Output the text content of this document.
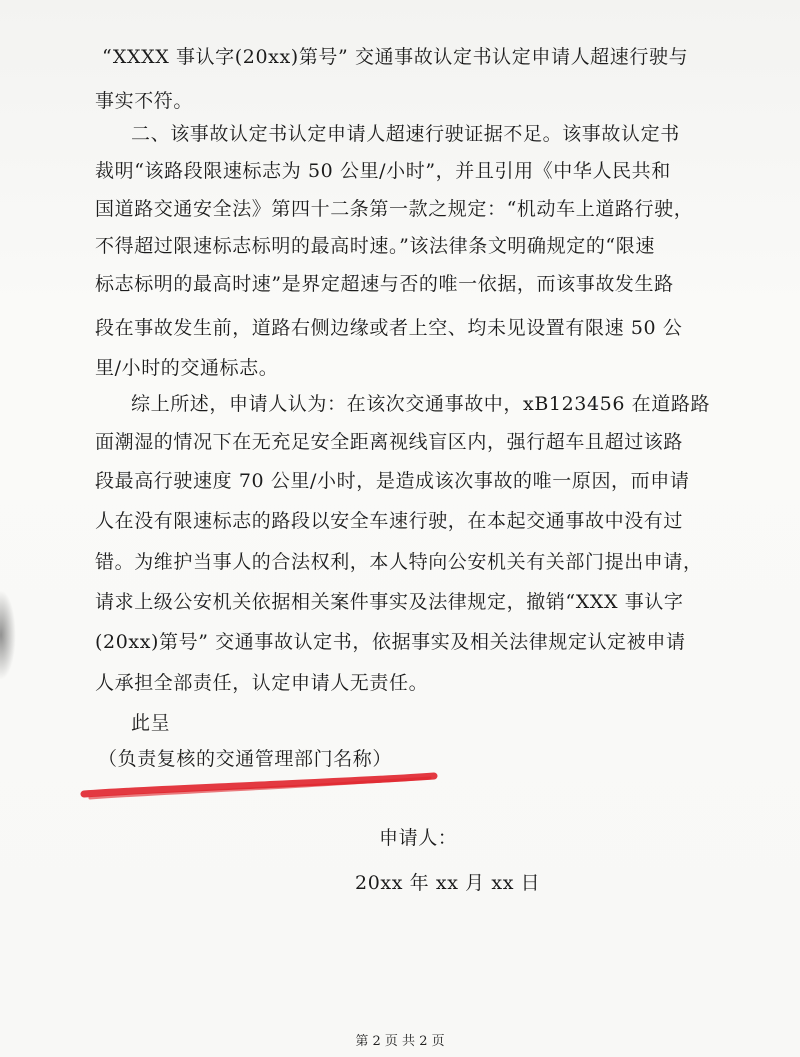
“XXXX 事认字(20xx)第号” 交通事故认定书认定申请人超速行驶与
事实不符。
二、该事故认定书认定申请人超速行驶证据不足。该事故认定书
裁明“该路段限速标志为 50 公里/小时”，并且引用《中华人民共和
国道路交通安全法》第四十二条第一款之规定：“机动车上道路行驶，
不得超过限速标志标明的最高时速。”该法律条文明确规定的“限速
标志标明的最高时速”是界定超速与否的唯一依据，而该事故发生路
段在事故发生前，道路右侧边缘或者上空、均未见设置有限速 50 公
里/小时的交通标志。
综上所述，申请人认为：在该次交通事故中，xB123456 在道路路
面潮湿的情况下在无充足安全距离视线盲区内，强行超车且超过该路
段最高行驶速度 70 公里/小时，是造成该次事故的唯一原因，而申请
人在没有限速标志的路段以安全车速行驶，在本起交通事故中没有过
错。为维护当事人的合法权利，本人特向公安机关有关部门提出申请，
请求上级公安机关依据相关案件事实及法律规定，撤销“XXX 事认字
(20xx)第号” 交通事故认定书，依据事实及相关法律规定认定被申请
人承担全部责任，认定申请人无责任。
此呈
（负责复核的交通管理部门名称）
申请人：
20xx 年 xx 月 xx 日
第 2 页 共 2 页
